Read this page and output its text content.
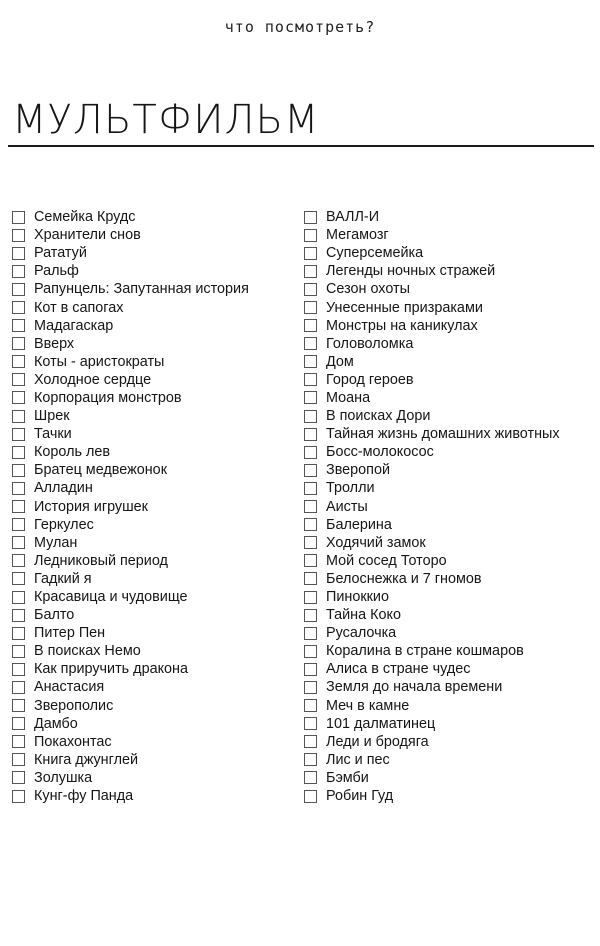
что посмотреть?
МУЛЬТФИЛЬМ
Семейка Крудс
Хранители снов
Рататуй
Ральф
Рапунцель: Запутанная история
Кот в сапогах
Мадагаскар
Вверх
Коты - аристократы
Холодное сердце
Корпорация монстров
Шрек
Тачки
Король лев
Братец медвежонок
Алладин
История игрушек
Геркулес
Мулан
Ледниковый период
Гадкий я
Красавица и чудовище
Балто
Питер Пен
В поисках Немо
Как приручить дракона
Анастасия
Зверополис
Дамбо
Покахонтас
Книга джунглей
Золушка
Кунг-фу Панда
ВАЛЛ-И
Мегамозг
Суперсемейка
Легенды ночных стражей
Сезон охоты
Унесенные призраками
Монстры на каникулах
Головоломка
Дом
Город героев
Моана
В поисках Дори
Тайная жизнь домашних животных
Босс-молокосос
Зверопой
Тролли
Аисты
Балерина
Ходячий замок
Мой сосед Тоторо
Белоснежка и 7 гномов
Пиноккио
Тайна Коко
Русалочка
Коралина в стране кошмаров
Алиса в стране чудес
Земля до начала времени
Меч в камне
101 далматинец
Леди и бродяга
Лис и пес
Бэмби
Робин Гуд
